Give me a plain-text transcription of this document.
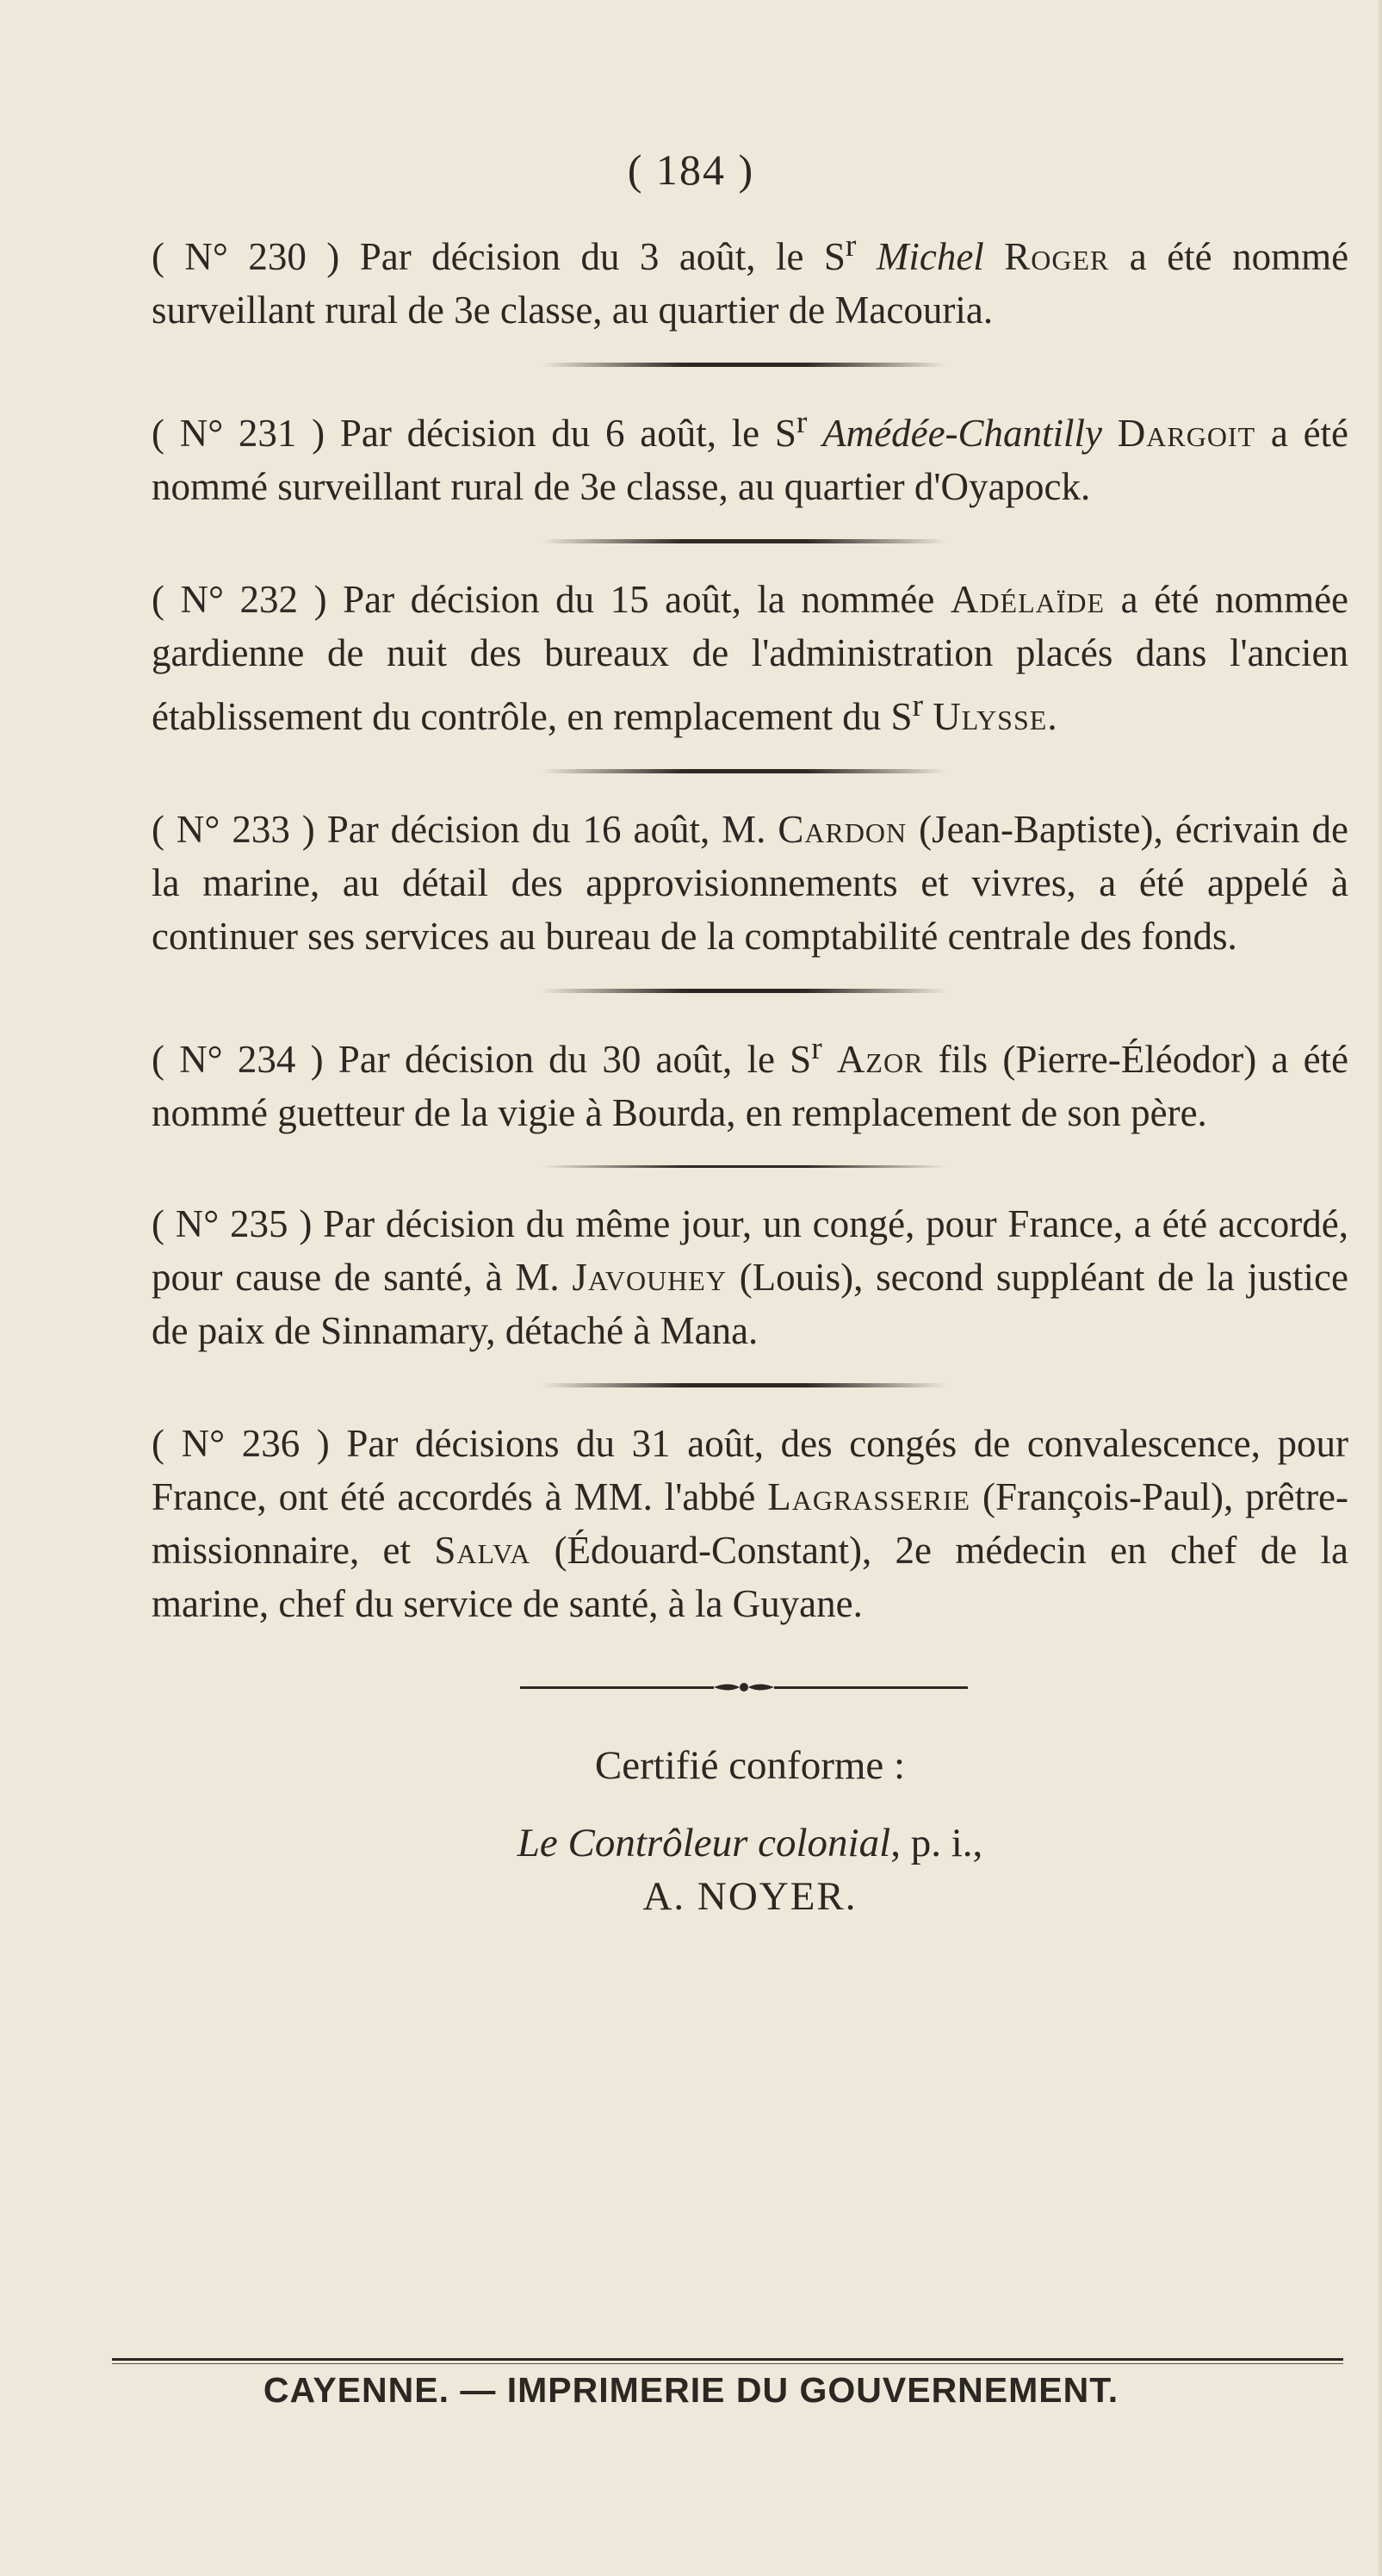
( 184 )

( N° 230 ) Par décision du 3 août, le $S^r$ Michel Roger a été nommé surveillant rural de 3e classe, au quartier de Macouria.

( N° 231 ) Par décision du 6 août, le $S^r$ Amédée-Chantilly Dargoit a été nommé surveillant rural de 3e classe, au quartier d'Oyapock.

( N° 232 ) Par décision du 15 août, la nommée Adélaïde a été nommée gardienne de nuit des bureaux de l'administration placés dans l'ancien établissement du contrôle, en remplacement du $S^r$ Ulysse.

( N° 233 ) Par décision du 16 août, M. Cardon (Jean-Baptiste), écrivain de la marine, au détail des approvisionnements et vivres, a été appelé à continuer ses services au bureau de la comptabilité centrale des fonds.

( N° 234 ) Par décision du 30 août, le $S^r$ Azor fils (Pierre-Éléodor) a été nommé guetteur de la vigie à Bourda, en remplacement de son père.

( N° 235 ) Par décision du même jour, un congé, pour France, a été accordé, pour cause de santé, à M. Javouhey (Louis), second suppléant de la justice de paix de Sinnamary, détaché à Mana.

( N° 236 ) Par décisions du 31 août, des congés de convalescence, pour France, ont été accordés à MM. l'abbé Lagrasserie (François-Paul), prêtre-missionnaire, et Salva (Édouard-Constant), 2e médecin en chef de la marine, chef du service de santé, à la Guyane.

Certifié conforme :
Le Contrôleur colonial, p. i.,
A. NOYER.
CAYENNE. — IMPRIMERIE DU GOUVERNEMENT.
